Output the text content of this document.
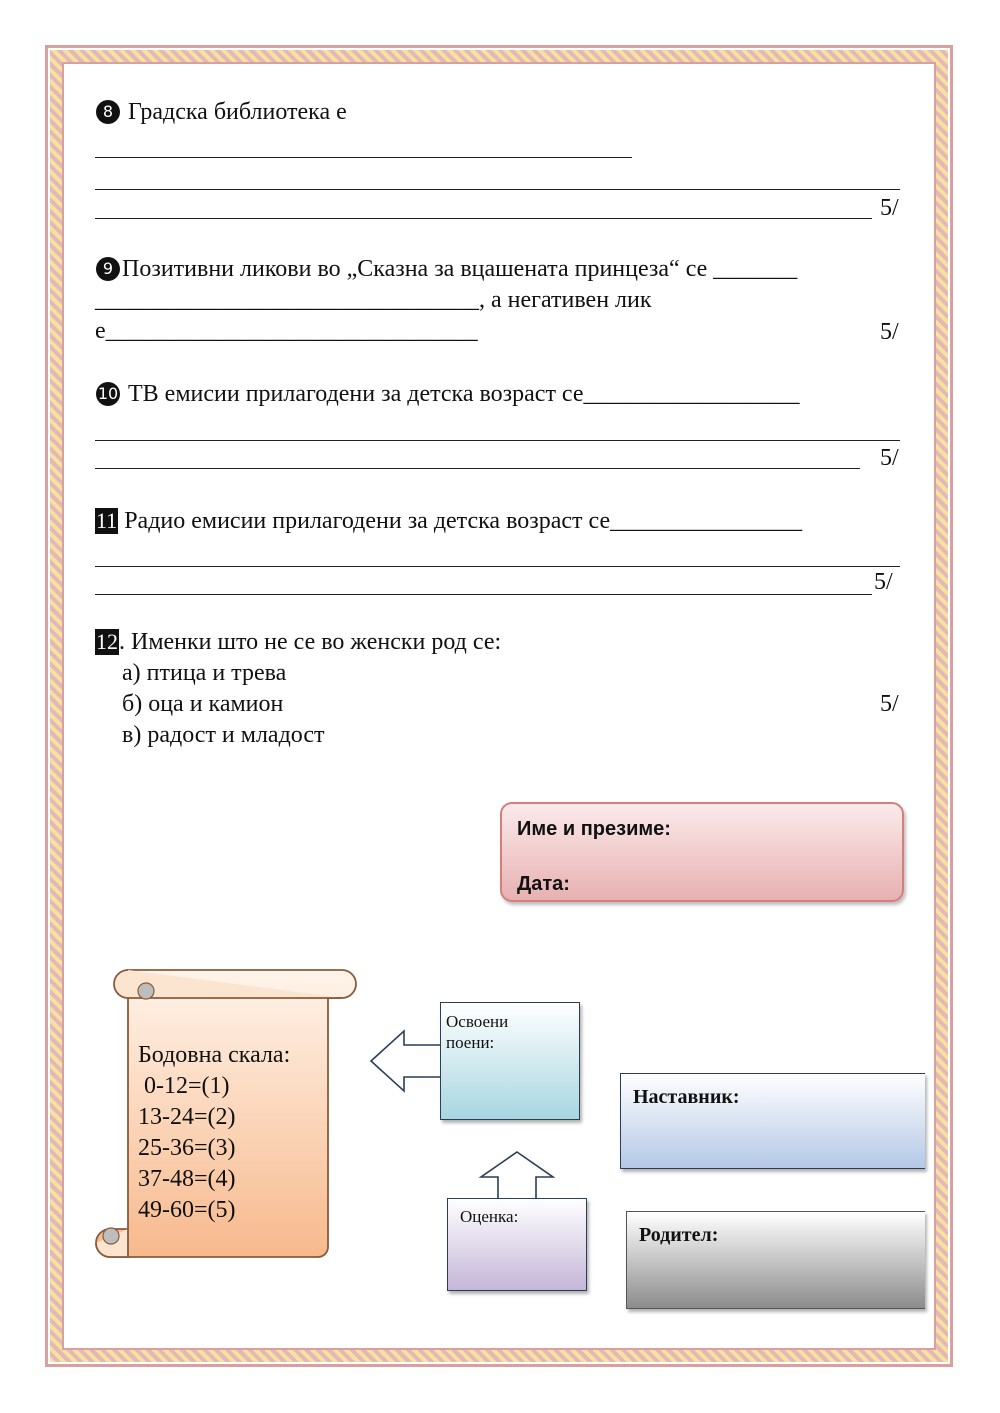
8 Градска библиотека е
5/
9 Позитивни ликови во „Сказна за вцашената принцеза“ се _______
________________________________, а негативен лик
е_______________________________	5/
10 ТВ емисии прилагодени за детска возраст се__________________
5/
11 Радио емисии прилагодени за детска возраст се________________
5/
12. Именки што не се во женски род се:
а) птица и трева
б) оца и камион
в) радост и младост
5/
Име и презиме:
Дата:
Бодовна скала:
0-12=(1)
13-24=(2)
25-36=(3)
37-48=(4)
49-60=(5)
Освоени поени:
Оценка:
Наставник:
Родител:
